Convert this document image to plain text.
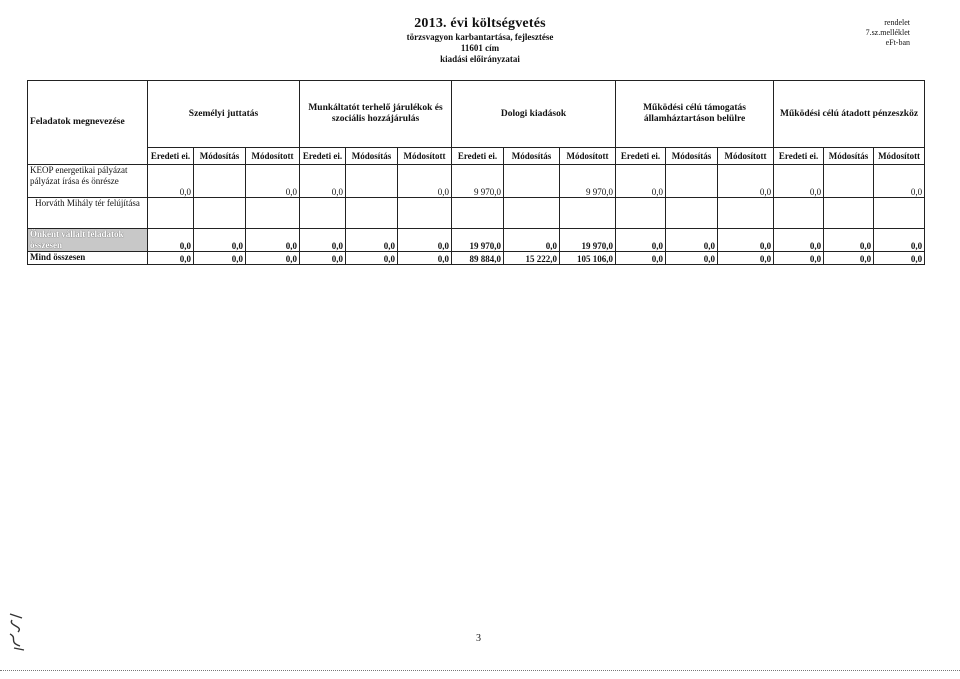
2013. évi költségvetés
törzsvagyon karbantartása, fejlesztése
11601 cím
kiadási előirányzatai
rendelet
7.sz.melléklet
eFt-ban
Feladatok megnevezése	Személyi juttatás			Munkáltatót terhelő járulékok és szociális hozzájárulás			Dologi kiadások			Működési célú támogatás államháztartáson belülre			Működési célú átadott pénzeszköz		
	Eredeti ei.	Módosítás	Módosított	Eredeti ei.	Módosítás	Módosított	Eredeti ei.	Módosítás	Módosított	Eredeti ei.	Módosítás	Módosított	Eredeti ei.	Módosítás	Módosított
KEOP energetikai pályázat pályázat írása és önrésze	0,0		0,0	0,0		0,0	9 970,0		9 970,0	0,0		0,0	0,0		0,0
Horváth Mihály tér felújítása															
Önként vállalt feladatok összesen	0,0	0,0	0,0	0,0	0,0	0,0	19 970,0	0,0	19 970,0	0,0	0,0	0,0	0,0	0,0	0,0
Mind összesen	0,0	0,0	0,0	0,0	0,0	0,0	89 884,0	15 222,0	105 106,0	0,0	0,0	0,0	0,0	0,0	0,0
3
